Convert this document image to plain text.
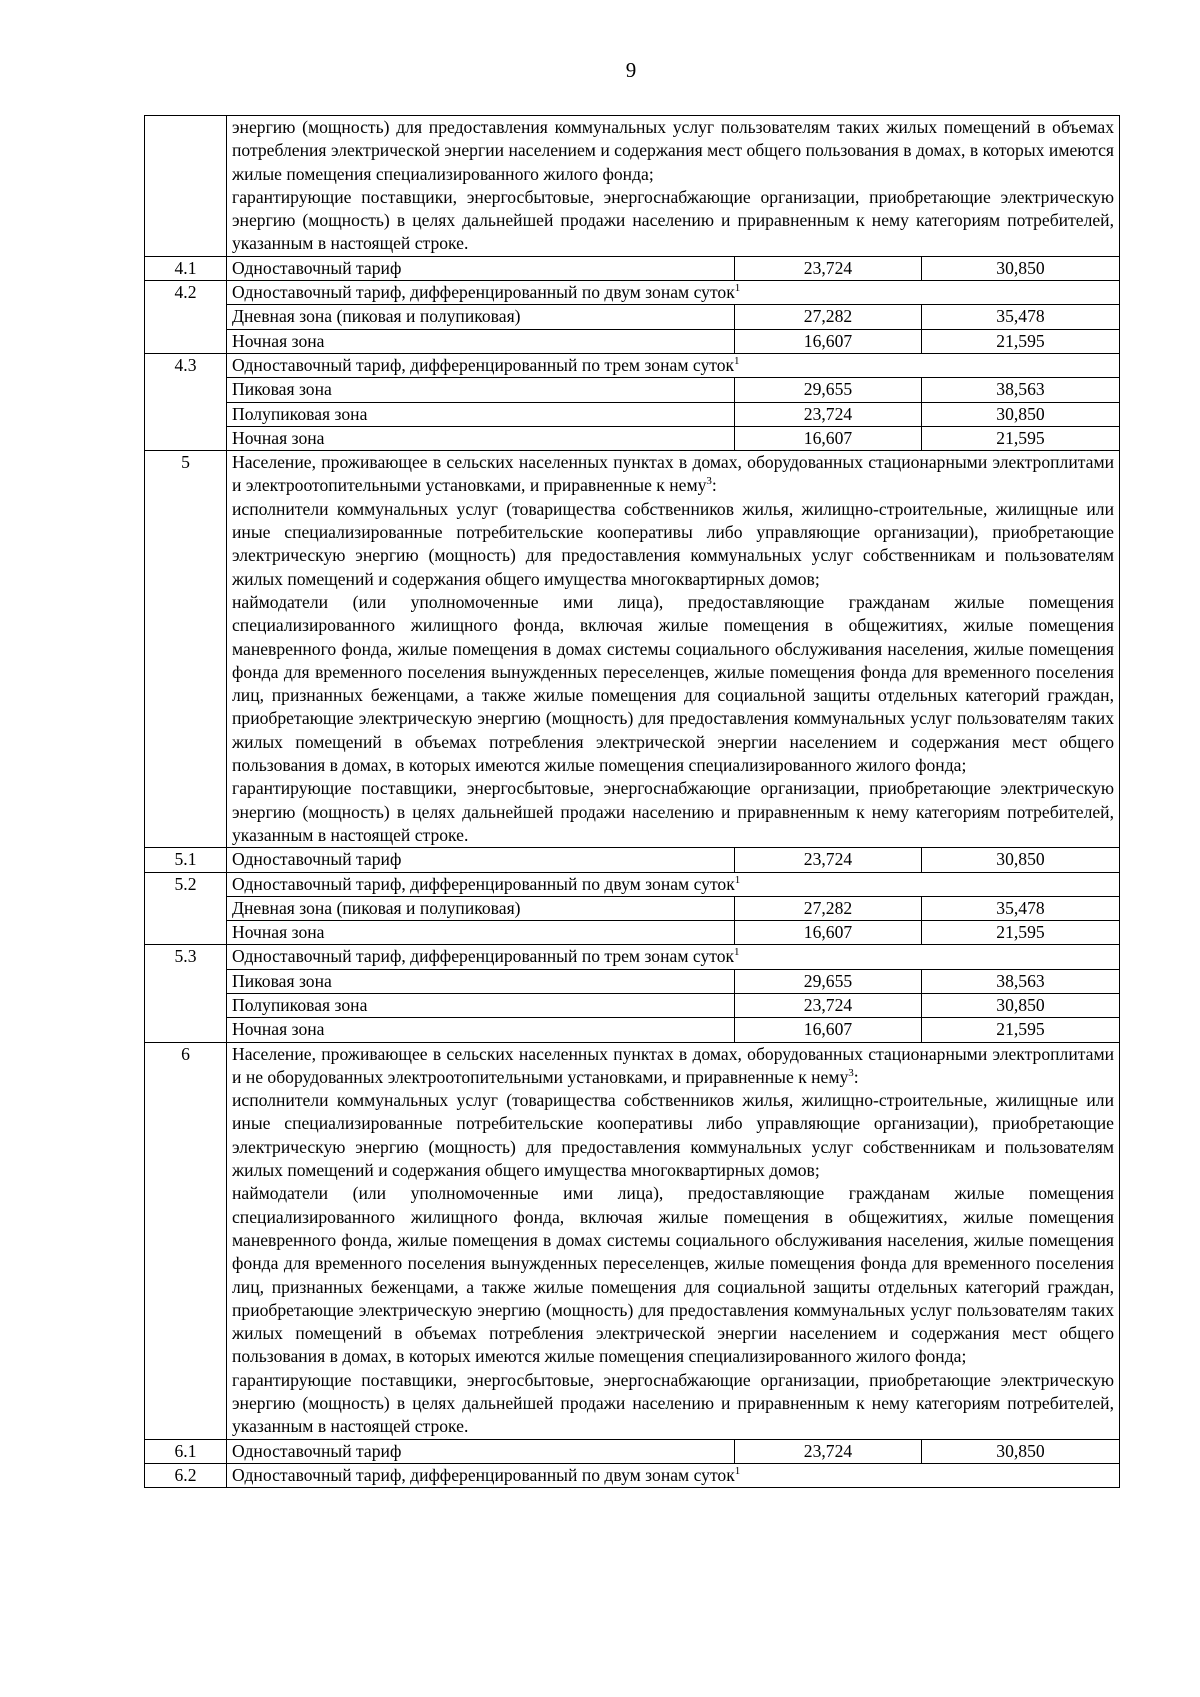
9

	энергию (мощность) для предоставления коммунальных услуг пользователям таких жилых помещений в объемах потребления электрической энергии населением и содержания мест общего пользования в домах, в которых имеются жилые помещения специализированного жилого фонда;
гарантирующие поставщики, энергосбытовые, энергоснабжающие организации, приобретающие электрическую энергию (мощность) в целях дальнейшей продажи населению и приравненным к нему категориям потребителей, указанным в настоящей строке.		

4.1	Одноставочный тариф	23,724	30,850
4.2	Одноставочный тариф, дифференцированный по двум зонам суток$^1$
	Дневная зона (пиковая и полупиковая)	27,282	35,478
	Ночная зона	16,607	21,595
4.3	Одноставочный тариф, дифференцированный по трем зонам суток$^1$
	Пиковая зона	29,655	38,563
	Полупиковая зона	23,724	30,850
	Ночная зона	16,607	21,595
5	Население, проживающее в сельских населенных пунктах в домах, оборудованных стационарными электроплитами и электроотопительными установками, и приравненные к нему$^3$:
исполнители коммунальных услуг (товарищества собственников жилья, жилищно-строительные, жилищные или иные специализированные потребительские кооперативы либо управляющие организации), приобретающие электрическую энергию (мощность) для предоставления коммунальных услуг собственникам и пользователям жилых помещений и содержания общего имущества многоквартирных домов;
наймодатели (или уполномоченные ими лица), предоставляющие гражданам жилые помещения специализированного жилищного фонда, включая жилые помещения в общежитиях, жилые помещения маневренного фонда, жилые помещения в домах системы социального обслуживания населения, жилые помещения фонда для временного поселения вынужденных переселенцев, жилые помещения фонда для временного поселения лиц, признанных беженцами, а также жилые помещения для социальной защиты отдельных категорий граждан, приобретающие электрическую энергию (мощность) для предоставления коммунальных услуг пользователям таких жилых помещений в объемах потребления электрической энергии населением и содержания мест общего пользования в домах, в которых имеются жилые помещения специализированного жилого фонда;
гарантирующие поставщики, энергосбытовые, энергоснабжающие организации, приобретающие электрическую энергию (мощность) в целях дальнейшей продажи населению и приравненным к нему категориям потребителей, указанным в настоящей строке.		

5.1	Одноставочный тариф	23,724	30,850
5.2	Одноставочный тариф, дифференцированный по двум зонам суток$^1$
	Дневная зона (пиковая и полупиковая)	27,282	35,478
	Ночная зона	16,607	21,595
5.3	Одноставочный тариф, дифференцированный по трем зонам суток$^1$
	Пиковая зона	29,655	38,563
	Полупиковая зона	23,724	30,850
	Ночная зона	16,607	21,595
6	Население, проживающее в сельских населенных пунктах в домах, оборудованных стационарными электроплитами и не оборудованных электроотопительными установками, и приравненные к нему$^3$:
исполнители коммунальных услуг (товарищества собственников жилья, жилищно-строительные, жилищные или иные специализированные потребительские кооперативы либо управляющие организации), приобретающие электрическую энергию (мощность) для предоставления коммунальных услуг собственникам и пользователям жилых помещений и содержания общего имущества многоквартирных домов;
наймодатели (или уполномоченные ими лица), предоставляющие гражданам жилые помещения специализированного жилищного фонда, включая жилые помещения в общежитиях, жилые помещения маневренного фонда, жилые помещения в домах системы социального обслуживания населения, жилые помещения фонда для временного поселения вынужденных переселенцев, жилые помещения фонда для временного поселения лиц, признанных беженцами, а также жилые помещения для социальной защиты отдельных категорий граждан, приобретающие электрическую энергию (мощность) для предоставления коммунальных услуг пользователям таких жилых помещений в объемах потребления электрической энергии населением и содержания мест общего пользования в домах, в которых имеются жилые помещения специализированного жилого фонда;
гарантирующие поставщики, энергосбытовые, энергоснабжающие организации, приобретающие электрическую энергию (мощность) в целях дальнейшей продажи населению и приравненным к нему категориям потребителей, указанным в настоящей строке.		

6.1	Одноставочный тариф	23,724	30,850
6.2	Одноставочный тариф, дифференцированный по двум зонам суток$^1$
